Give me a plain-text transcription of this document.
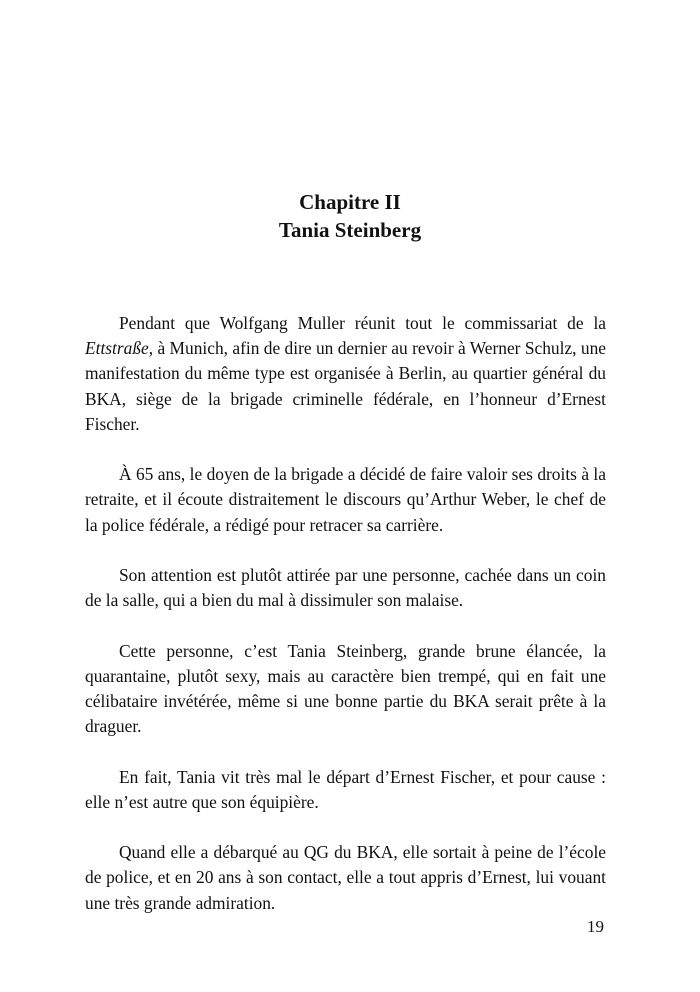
Chapitre II
Tania Steinberg

Pendant que Wolfgang Muller réunit tout le commissariat de la Ettstraße, à Munich, afin de dire un dernier au revoir à Werner Schulz, une manifestation du même type est organisée à Berlin, au quartier général du BKA, siège de la brigade criminelle fédérale, en l’honneur d’Ernest Fischer.

À 65 ans, le doyen de la brigade a décidé de faire valoir ses droits à la retraite, et il écoute distraitement le discours qu’Arthur Weber, le chef de la police fédérale, a rédigé pour retracer sa carrière.

Son attention est plutôt attirée par une personne, cachée dans un coin de la salle, qui a bien du mal à dissimuler son malaise.

Cette personne, c’est Tania Steinberg, grande brune élancée, la quarantaine, plutôt sexy, mais au caractère bien trempé, qui en fait une célibataire invétérée, même si une bonne partie du BKA serait prête à la draguer.

En fait, Tania vit très mal le départ d’Ernest Fischer, et pour cause : elle n’est autre que son équipière.

Quand elle a débarqué au QG du BKA, elle sortait à peine de l’école de police, et en 20 ans à son contact, elle a tout appris d’Ernest, lui vouant une très grande admiration.

19
